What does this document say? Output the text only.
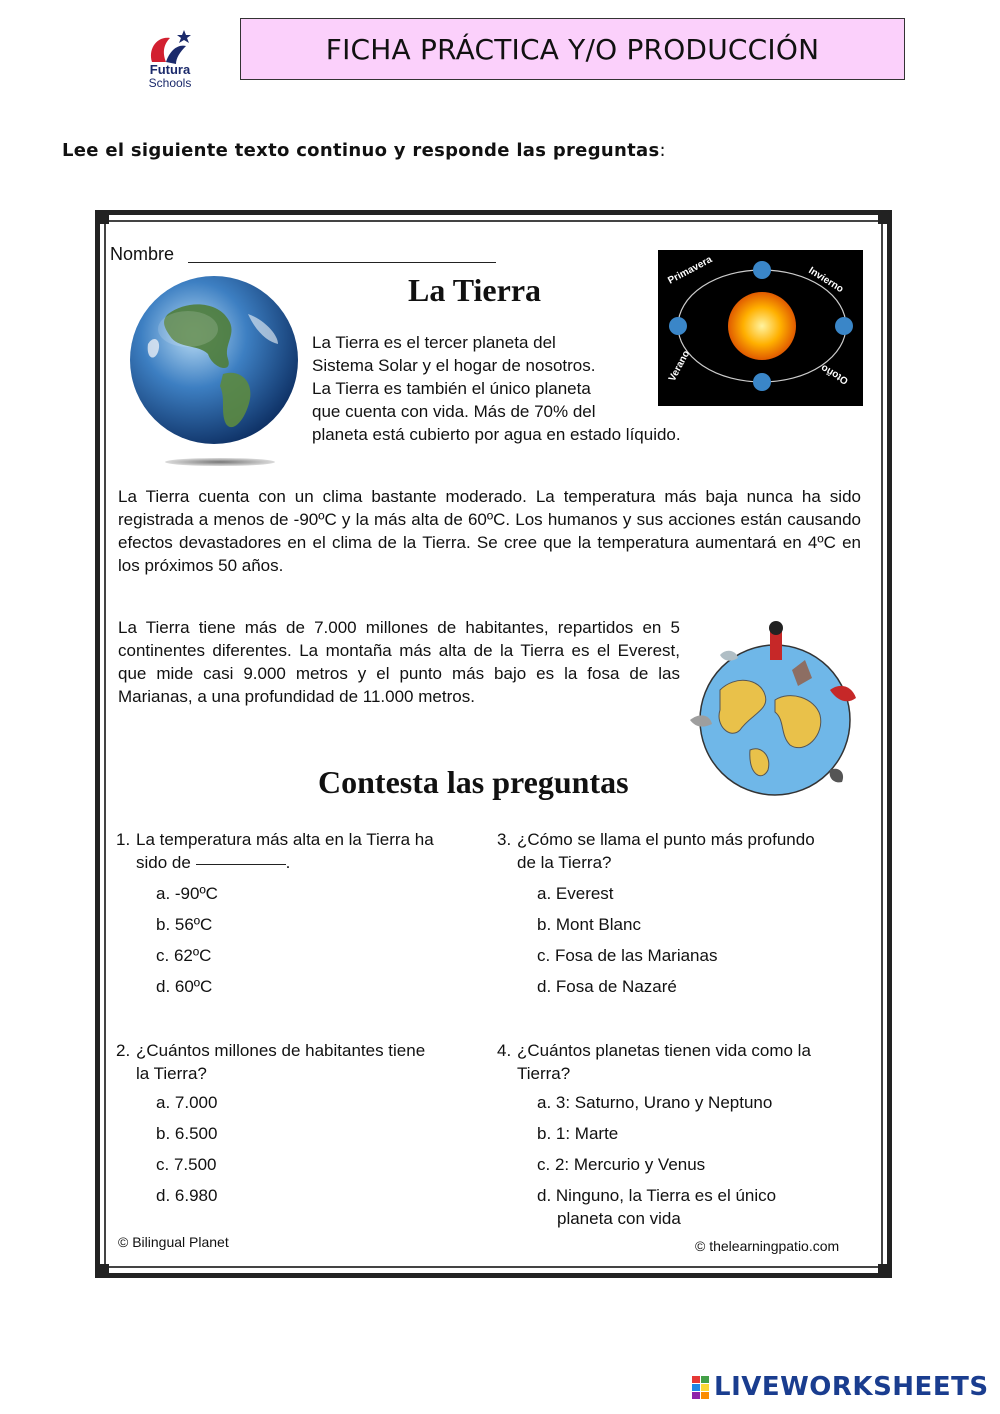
Futura
Schools
FICHA PRÁCTICA Y/O PRODUCCIÓN
Lee el siguiente texto continuo y responde las preguntas:
Nombre
La Tierra
La Tierra es el tercer planeta del
Sistema Solar y el hogar de nosotros.
La Tierra es también el único planeta
que cuenta con vida. Más de 70% del
planeta está cubierto por agua en estado líquido.
Primavera	Invierno
Verano	Otoño
La Tierra cuenta con un clima bastante moderado. La temperatura más baja nunca ha sido registrada a menos de -90ºC y la más alta de 60ºC. Los humanos y sus acciones están causando efectos devastadores en el clima de la Tierra. Se cree que la temperatura aumentará en 4ºC en los próximos 50 años.
La Tierra tiene más de 7.000 millones de habitantes, repartidos en 5 continentes diferentes. La montaña más alta de la Tierra es el Everest, que mide casi 9.000 metros y el punto más bajo es la fosa de las Marianas, a una profundidad de 11.000 metros.
Contesta las preguntas
1. La temperatura más alta en la Tierra ha
sido de	.
a. -90ºC
b. 56ºC
c. 62ºC
d. 60ºC
2. ¿Cuántos millones de habitantes tiene
la Tierra?
a. 7.000
b. 6.500
c. 7.500
d. 6.980
3. ¿Cómo se llama el punto más profundo
de la Tierra?
a. Everest
b. Mont Blanc
c. Fosa de las Marianas
d. Fosa de Nazaré
4. ¿Cuántos planetas tienen vida como la
Tierra?
a. 3: Saturno, Urano y Neptuno
b. 1: Marte
c. 2: Mercurio y Venus
d. Ninguno, la Tierra es el único
planeta con vida
© Bilingual Planet	© thelearningpatio.com
LIVEWORKSHEETS
